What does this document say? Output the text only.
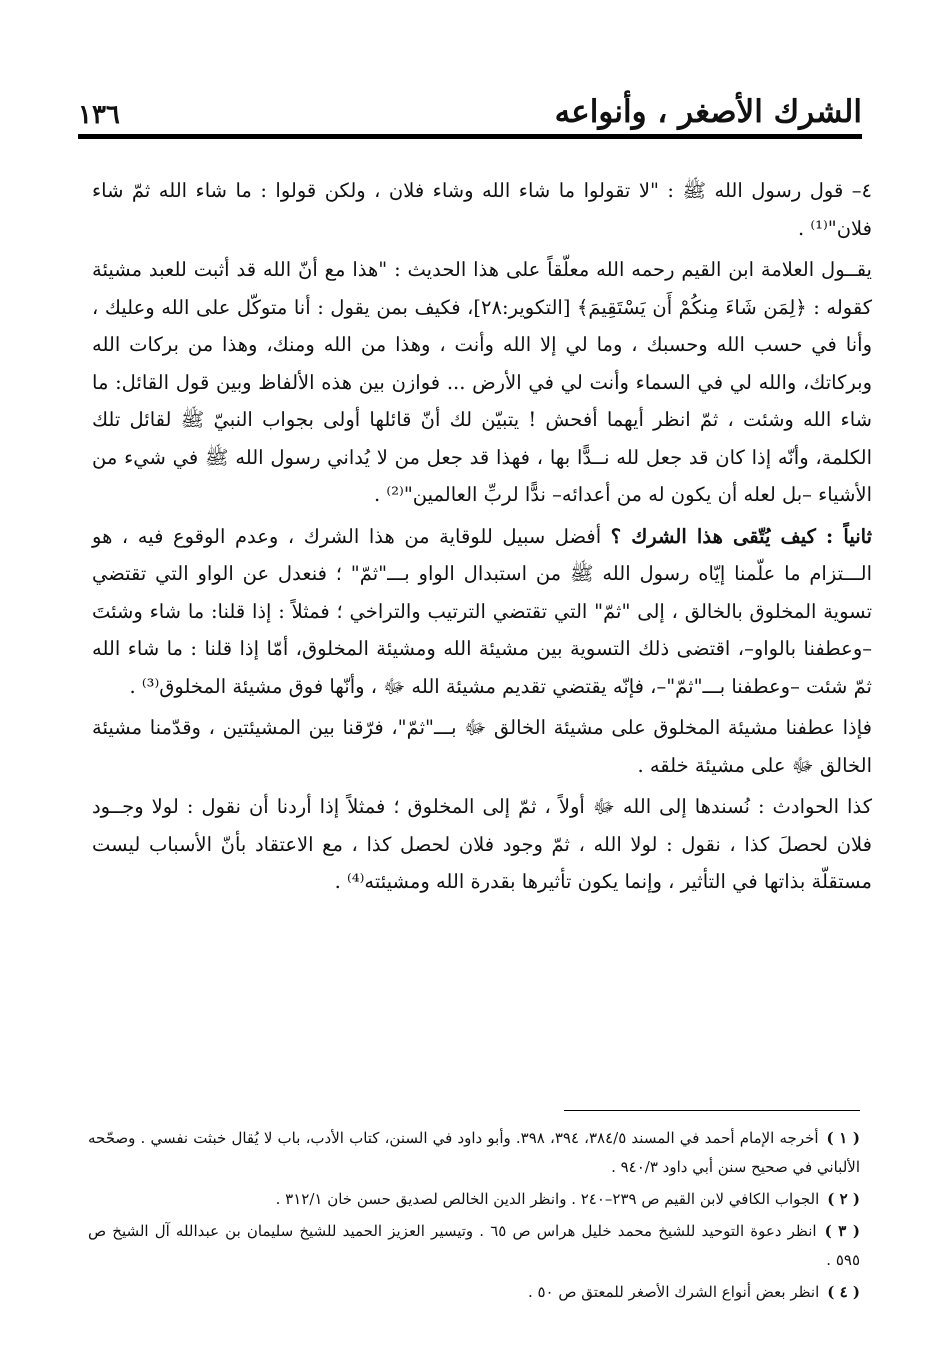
١٣٦	الشرك الأصغر ، وأنواعه

٤– قول رسول الله ﷺ : "لا تقولوا ما شاء الله وشاء فلان ، ولكن قولوا : ما شاء الله ثمّ شاء فلان"⁽¹⁾ .

يقــول العلامة ابن القيم رحمه الله معلّقاً على هذا الحديث : "هذا مع أنّ الله قد أثبت للعبد مشيئة كقوله : ﴿لِمَن شَاءَ مِنكُمْ أَن يَسْتَقِيمَ﴾ [التكوير:٢٨]، فكيف بمن يقول : أنا متوكّل على الله وعليك ، وأنا في حسب الله وحسبك ، وما لي إلا الله وأنت ، وهذا من الله ومنك، وهذا من بركات الله وبركاتك، والله لي في السماء وأنت لي في الأرض ... فوازن بين هذه الألفاظ وبين قول القائل: ما شاء الله وشئت ، ثمّ انظر أيهما أفحش ! يتبيّن لك أنّ قائلها أولى بجواب النبيّ ﷺ لقائل تلك الكلمة، وأنّه إذا كان قد جعل لله نــدًّا بها ، فهذا قد جعل من لا يُداني رسول الله ﷺ في شيء من الأشياء –بل لعله أن يكون له من أعدائه– ندًّا لربِّ العالمين"⁽²⁾ .

ثانياً : كيف يُتّقى هذا الشرك ؟ أفضل سبيل للوقاية من هذا الشرك ، وعدم الوقوع فيه ، هو الـــتزام ما علّمنا إيّاه رسول الله ﷺ من استبدال الواو بـــ"ثمّ" ؛ فنعدل عن الواو التي تقتضي تسوية المخلوق بالخالق ، إلى "ثمّ" التي تقتضي الترتيب والتراخي ؛ فمثلاً : إذا قلنا: ما شاء وشئتَ –وعطفنا بالواو–، اقتضى ذلك التسوية بين مشيئة الله ومشيئة المخلوق، أمّا إذا قلنا : ما شاء الله ثمّ شئت –وعطفنا بـــ"ثمّ"–، فإنّه يقتضي تقديم مشيئة الله ﷻ ، وأنّها فوق مشيئة المخلوق⁽³⁾ .

فإذا عطفنا مشيئة المخلوق على مشيئة الخالق ﷻ بـــ"ثمّ"، فرّقنا بين المشيئتين ، وقدّمنا مشيئة الخالق ﷻ على مشيئة خلقه .

كذا الحوادث : نُسندها إلى الله ﷻ أولاً ، ثمّ إلى المخلوق ؛ فمثلاً إذا أردنا أن نقول : لولا وجــود فلان لحصلَ كذا ، نقول : لولا الله ، ثمّ وجود فلان لحصل كذا ، مع الاعتقاد بأنّ الأسباب ليست مستقلّة بذاتها في التأثير ، وإنما يكون تأثيرها بقدرة الله ومشيئته⁽⁴⁾ .

( ١ )أخرجه الإمام أحمد في المسند ٣٨٤/٥، ٣٩٤، ٣٩٨. وأبو داود في السنن، كتاب الأدب، باب لا يُقال خبثت نفسي . وصحّحه الألباني في صحيح سنن أبي داود ٩٤٠/٣ .

( ٢ )الجواب الكافي لابن القيم ص ٢٣٩–٢٤٠ . وانظر الدين الخالص لصديق حسن خان ٣١٢/١ .

( ٣ )انظر دعوة التوحيد للشيخ محمد خليل هراس ص ٦٥ . وتيسير العزيز الحميد للشيخ سليمان بن عبدالله آل الشيخ ص ٥٩٥ .

( ٤ )انظر بعض أنواع الشرك الأصغر للمعتق ص ٥٠ .
